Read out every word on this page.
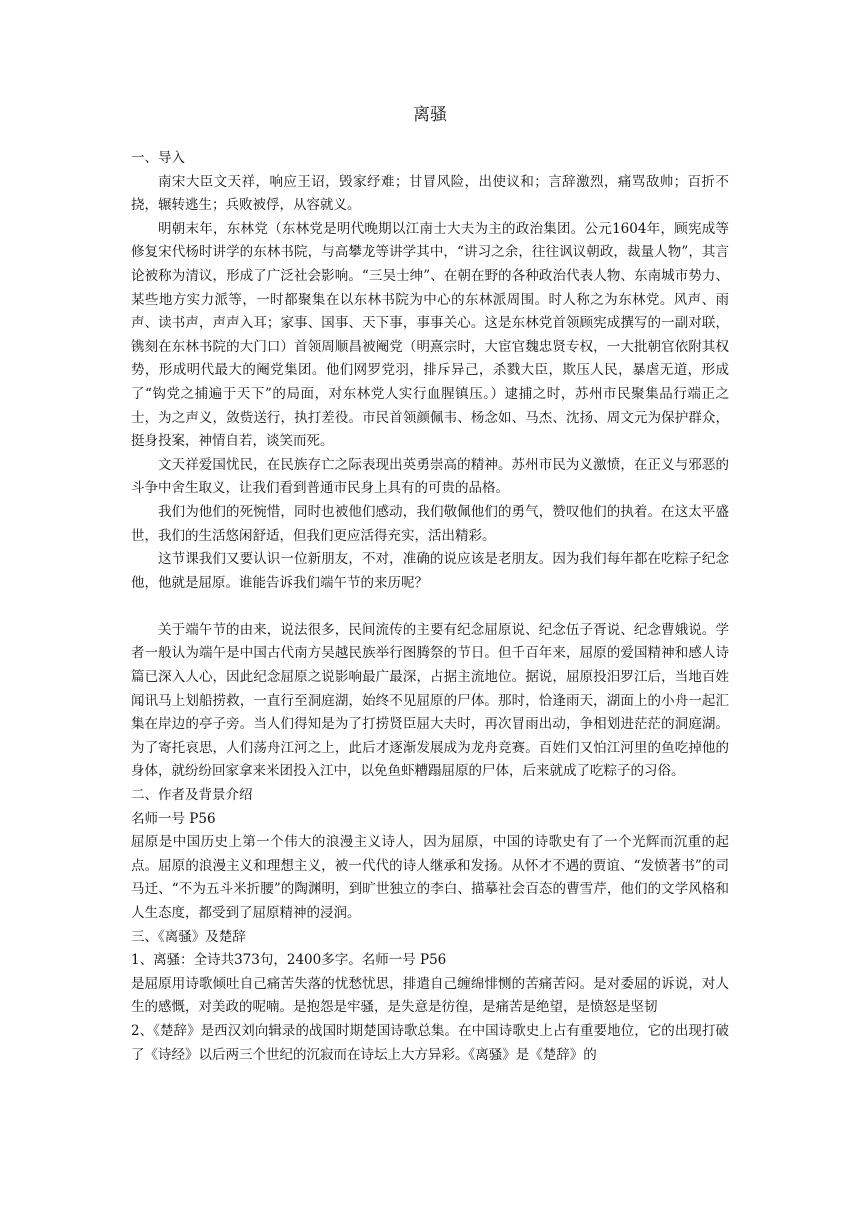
离骚

一、导入

南宋大臣文天祥，响应王诏，毁家纾难；甘冒风险，出使议和；言辞激烈，痛骂敌帅；百折不挠，辗转逃生；兵败被俘，从容就义。

明朝末年，东林党（东林党是明代晚期以江南士大夫为主的政治集团。公元1604年，顾宪成等修复宋代杨时讲学的东林书院，与高攀龙等讲学其中，“讲习之余，往往讽议朝政，裁量人物”，其言论被称为清议，形成了广泛社会影响。“三吴士绅”、在朝在野的各种政治代表人物、东南城市势力、某些地方实力派等，一时都聚集在以东林书院为中心的东林派周围。时人称之为东林党。风声、雨声、读书声，声声入耳；家事、国事、天下事，事事关心。这是东林党首领顾宪成撰写的一副对联，镌刻在东林书院的大门口）首领周顺昌被阉党（明熹宗时，大宦官魏忠贤专权，一大批朝官依附其权势，形成明代最大的阉党集团。他们网罗党羽，排斥异己，杀戮大臣，欺压人民，暴虐无道，形成了“钩党之捕遍于天下”的局面，对东林党人实行血腥镇压。）逮捕之时，苏州市民聚集品行端正之士，为之声义，敛赀送行，执打差役。市民首领颜佩韦、杨念如、马杰、沈扬、周文元为保护群众，挺身投案，神情自若，谈笑而死。

文天祥爱国忧民，在民族存亡之际表现出英勇崇高的精神。苏州市民为义激愤，在正义与邪恶的斗争中舍生取义，让我们看到普通市民身上具有的可贵的品格。

我们为他们的死惋惜，同时也被他们感动，我们敬佩他们的勇气，赞叹他们的执着。在这太平盛世，我们的生活悠闲舒适，但我们更应活得充实，活出精彩。

这节课我们又要认识一位新朋友，不对，准确的说应该是老朋友。因为我们每年都在吃粽子纪念他，他就是屈原。谁能告诉我们端午节的来历呢？

关于端午节的由来，说法很多，民间流传的主要有纪念屈原说、纪念伍子胥说、纪念曹娥说。学者一般认为端午是中国古代南方吴越民族举行图腾祭的节日。但千百年来，屈原的爱国精神和感人诗篇已深入人心，因此纪念屈原之说影响最广最深，占据主流地位。据说，屈原投汨罗江后，当地百姓闻讯马上划船捞救，一直行至洞庭湖，始终不见屈原的尸体。那时，恰逢雨天，湖面上的小舟一起汇集在岸边的亭子旁。当人们得知是为了打捞贤臣屈大夫时，再次冒雨出动，争相划进茫茫的洞庭湖。为了寄托哀思，人们荡舟江河之上，此后才逐渐发展成为龙舟竞赛。百姓们又怕江河里的鱼吃掉他的身体，就纷纷回家拿来米团投入江中，以免鱼虾糟蹋屈原的尸体，后来就成了吃粽子的习俗。

二、作者及背景介绍

名师一号 P56

屈原是中国历史上第一个伟大的浪漫主义诗人，因为屈原，中国的诗歌史有了一个光辉而沉重的起点。屈原的浪漫主义和理想主义，被一代代的诗人继承和发扬。从怀才不遇的贾谊、“发愤著书”的司马迁、“不为五斗米折腰”的陶渊明，到旷世独立的李白、描摹社会百态的曹雪芹，他们的文学风格和人生态度，都受到了屈原精神的浸润。

三、《离骚》及楚辞

1、离骚：全诗共373句，2400多字。名师一号 P56

是屈原用诗歌倾吐自己痛苦失落的忧愁忧思，排遣自己缠绵悱恻的苦痛苦闷。是对委屈的诉说，对人生的感慨，对美政的呢喃。是抱怨是牢骚，是失意是彷徨，是痛苦是绝望，是愤怒是坚韧

2、《楚辞》是西汉刘向辑录的战国时期楚国诗歌总集。在中国诗歌史上占有重要地位，它的出现打破了《诗经》以后两三个世纪的沉寂而在诗坛上大方异彩。《离骚》是《楚辞》的
